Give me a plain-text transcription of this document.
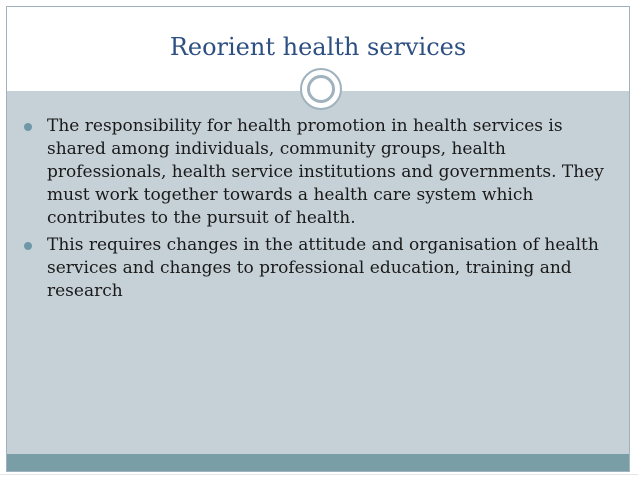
Reorient health services
The responsibility for health promotion in health services is shared among individuals, community groups, health professionals, health service institutions and governments. They must work together towards a health care system which contributes to the pursuit of health.
This requires changes in the attitude and organisation of health services and changes to professional education, training and research
